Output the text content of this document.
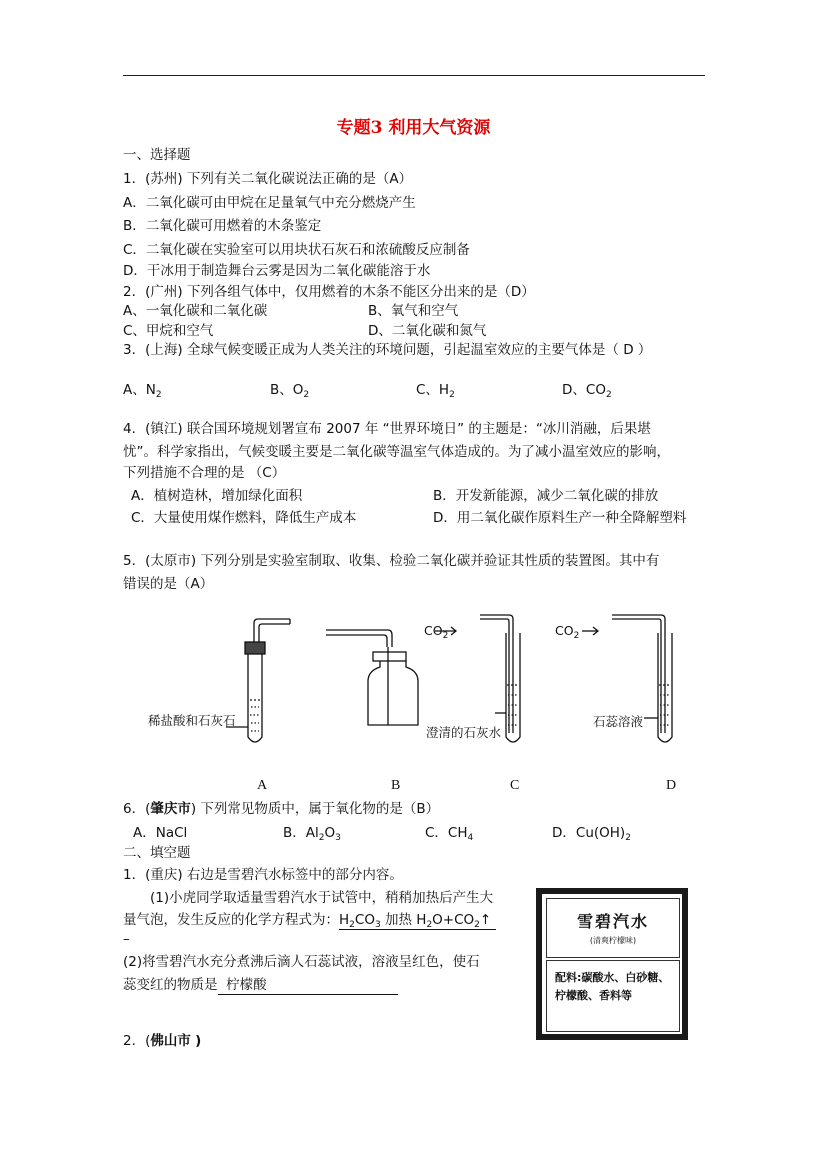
专题3 利用大气资源
一、选择题
1．(苏州) 下列有关二氧化碳说法正确的是（A）
A．二氧化碳可由甲烷在足量氧气中充分燃烧产生
B．二氧化碳可用燃着的木条鉴定
C．二氧化碳在实验室可以用块状石灰石和浓硫酸反应制备
D．干冰用于制造舞台云雾是因为二氧化碳能溶于水
2．(广州) 下列各组气体中，仅用燃着的木条不能区分出来的是（D）
A、一氧化碳和二氧化碳	B、氧气和空气
C、甲烷和空气	D、二氧化碳和氮气
3．(上海) 全球气候变暖正成为人类关注的环境问题，引起温室效应的主要气体是（ D ）
A、$N_2$	B、$O_2$	C、$H_2$	D、$CO_2$
4．(镇江) 联合国环境规划署宣布 2007 年 “世界环境日” 的主题是：“冰川消融，后果堪
忧”。科学家指出，气候变暖主要是二氧化碳等温室气体造成的。为了减小温室效应的影响，
下列措施不合理的是 （C）
A．植树造林，增加绿化面积	B．开发新能源，减少二氧化碳的排放
C．大量使用煤作燃料，降低生产成本	D．用二氧化碳作原料生产一种全降解塑料
5．(太原市) 下列分别是实验室制取、收集、检验二氧化碳并验证其性质的装置图。其中有
错误的是（A）
稀盐酸和石灰石
澄清的石灰水
石蕊溶液
$CO_2$	$CO_2$
A	B	C	D
6．(肇庆市) 下列常见物质中，属于氧化物的是（B）
A．NaCl	B．$Al_2O_3$	C．$CH_4$	D．$Cu(OH)_2$
二、填空题
1．(重庆) 右边是雪碧汽水标签中的部分内容。
(1)小虎同学取适量雪碧汽水于试管中，稍稍加热后产生大
量气泡，发生反应的化学方程式为：$H_2CO_3$ 加热 $H_2O+CO_2↑$
–
(2)将雪碧汽水充分煮沸后滴人石蕊试液，溶液呈红色，使石
蕊变红的物质是 柠檬酸
雪碧汽水
(清爽柠檬味)
配料:碳酸水、白砂糖、柠檬酸、香料等
2．(佛山市 )
